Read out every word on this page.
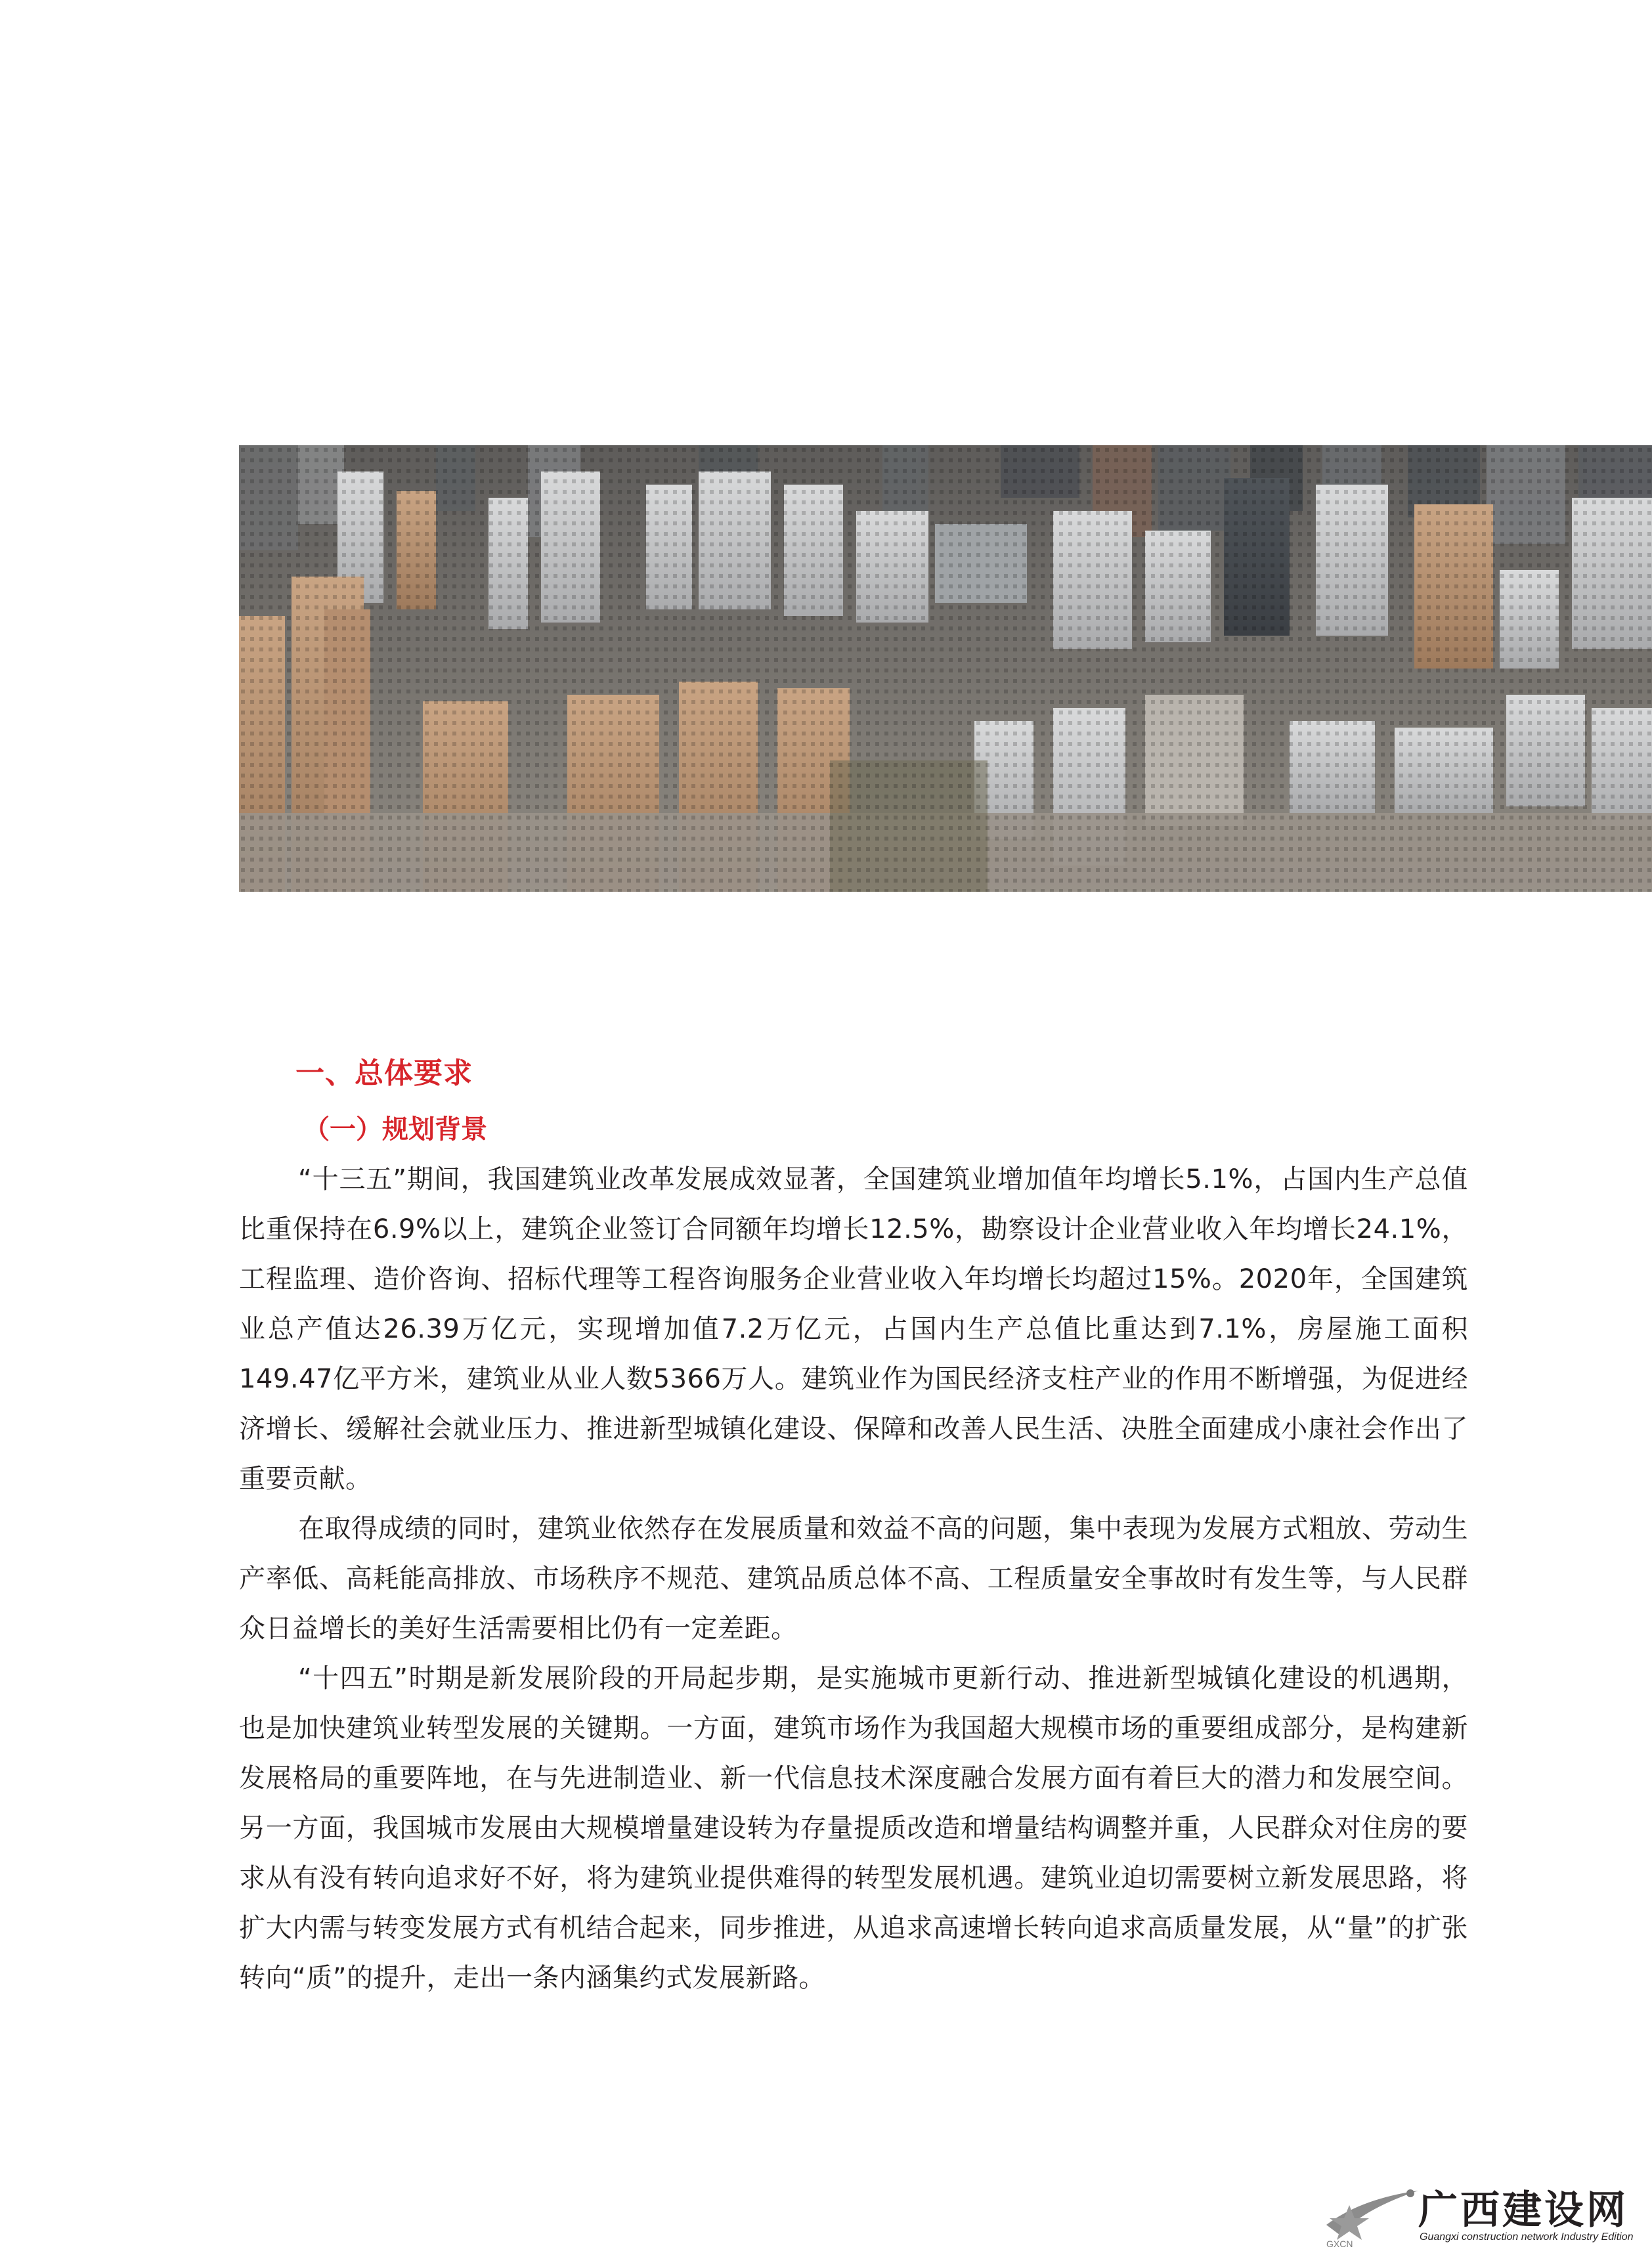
一、总体要求
（一）规划背景

“十三五”期间，我国建筑业改革发展成效显著，全国建筑业增加值年均增长5.1%，占国内生产总值比重保持在6.9%以上，建筑企业签订合同额年均增长12.5%，勘察设计企业营业收入年均增长24.1%，工程监理、造价咨询、招标代理等工程咨询服务企业营业收入年均增长均超过15%。2020年，全国建筑业总产值达26.39万亿元，实现增加值7.2万亿元，占国内生产总值比重达到7.1%，房屋施工面积149.47亿平方米，建筑业从业人数5366万人。建筑业作为国民经济支柱产业的作用不断增强，为促进经济增长、缓解社会就业压力、推进新型城镇化建设、保障和改善人民生活、决胜全面建成小康社会作出了重要贡献。

在取得成绩的同时，建筑业依然存在发展质量和效益不高的问题，集中表现为发展方式粗放、劳动生产率低、高耗能高排放、市场秩序不规范、建筑品质总体不高、工程质量安全事故时有发生等，与人民群众日益增长的美好生活需要相比仍有一定差距。

“十四五”时期是新发展阶段的开局起步期，是实施城市更新行动、推进新型城镇化建设的机遇期，也是加快建筑业转型发展的关键期。一方面，建筑市场作为我国超大规模市场的重要组成部分，是构建新发展格局的重要阵地，在与先进制造业、新一代信息技术深度融合发展方面有着巨大的潜力和发展空间。另一方面，我国城市发展由大规模增量建设转为存量提质改造和增量结构调整并重，人民群众对住房的要求从有没有转向追求好不好，将为建筑业提供难得的转型发展机遇。建筑业迫切需要树立新发展思路，将扩大内需与转变发展方式有机结合起来，同步推进，从追求高速增长转向追求高质量发展，从“量”的扩张转向“质”的提升，走出一条内涵集约式发展新路。

GXCN
广西建设网
Guangxi construction network Industry Edition
